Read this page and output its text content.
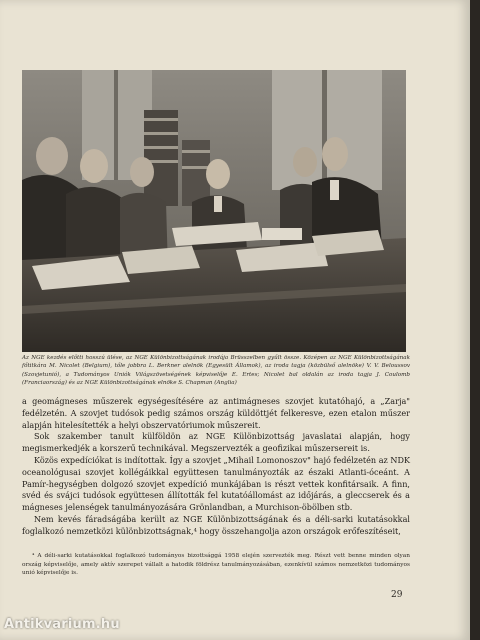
Az NGE kezdés előtti hosszú ülése, az NGE Különbizottságának irodája Brüsszelben gyűlt össze. Középen az NGE Különbizottságának főtitkára M. Nicolet (Belgium), tőle jobbra L. Berkner alelnök (Egyesült Államok), az iroda tagja (közbülső alelnöke) V. V. Beloussov (Szovjetunió), a Tudományos Uniók Világszövetségének képviselője E. Ertes; Nicolet bal oldalán az iroda tagja J. Coulomb (Franciaország) és az NGE Különbizottságának elnöke S. Chapman (Anglia)

a geomágneses műszerek egységesítésére az antimágneses szovjet kutatóhajó, a „Zarja" fedélzetén. A szovjet tudósok pedig számos ország küldöttjét felkeresve, ezen etalon műszer alapján hitelesítették a helyi obszervatóriumok műszereit.

Sok szakember tanult külföldön az NGE Különbizottság javaslatai alapján, hogy megismerkedjék a korszerű technikával. Megszervezték a geofizikai műszersereit is.

Közös expedíciókat is indítottak. Így a szovjet „Mihail Lomonoszov" hajó fedélzetén az NDK oceanológusai szovjet kollégáikkal együttesen tanulmányozták az északi Atlanti-óceánt. A Pamír-hegységben dolgozó szovjet expedíció munkájában is részt vettek konfitársaik. A finn, svéd és svájci tudósok együttesen állították fel kutatóállomást az időjárás, a gleccserek és a mágneses jelenségek tanulmányozására Grönlandban, a Murchison-öbölben stb.

Nem kevés fáradságába került az NGE Különbizottságának és a déli-sarki kutatásokkal foglalkozó nemzetközi különbizottságnak,⁴ hogy összehangolja azon országok erőfeszítéseit,

⁴ A déli-sarki kutatásokkal foglalkozó tudományos bizottsággá 1958 elején szervezték meg. Részt vett benne minden olyan ország képviselője, amely aktív szerepet vállalt a hatodik földrész tanulmányozásában, ezenkívül számos nemzetközi tudományos unió képviselője is.

29
Antikvarium.hu
